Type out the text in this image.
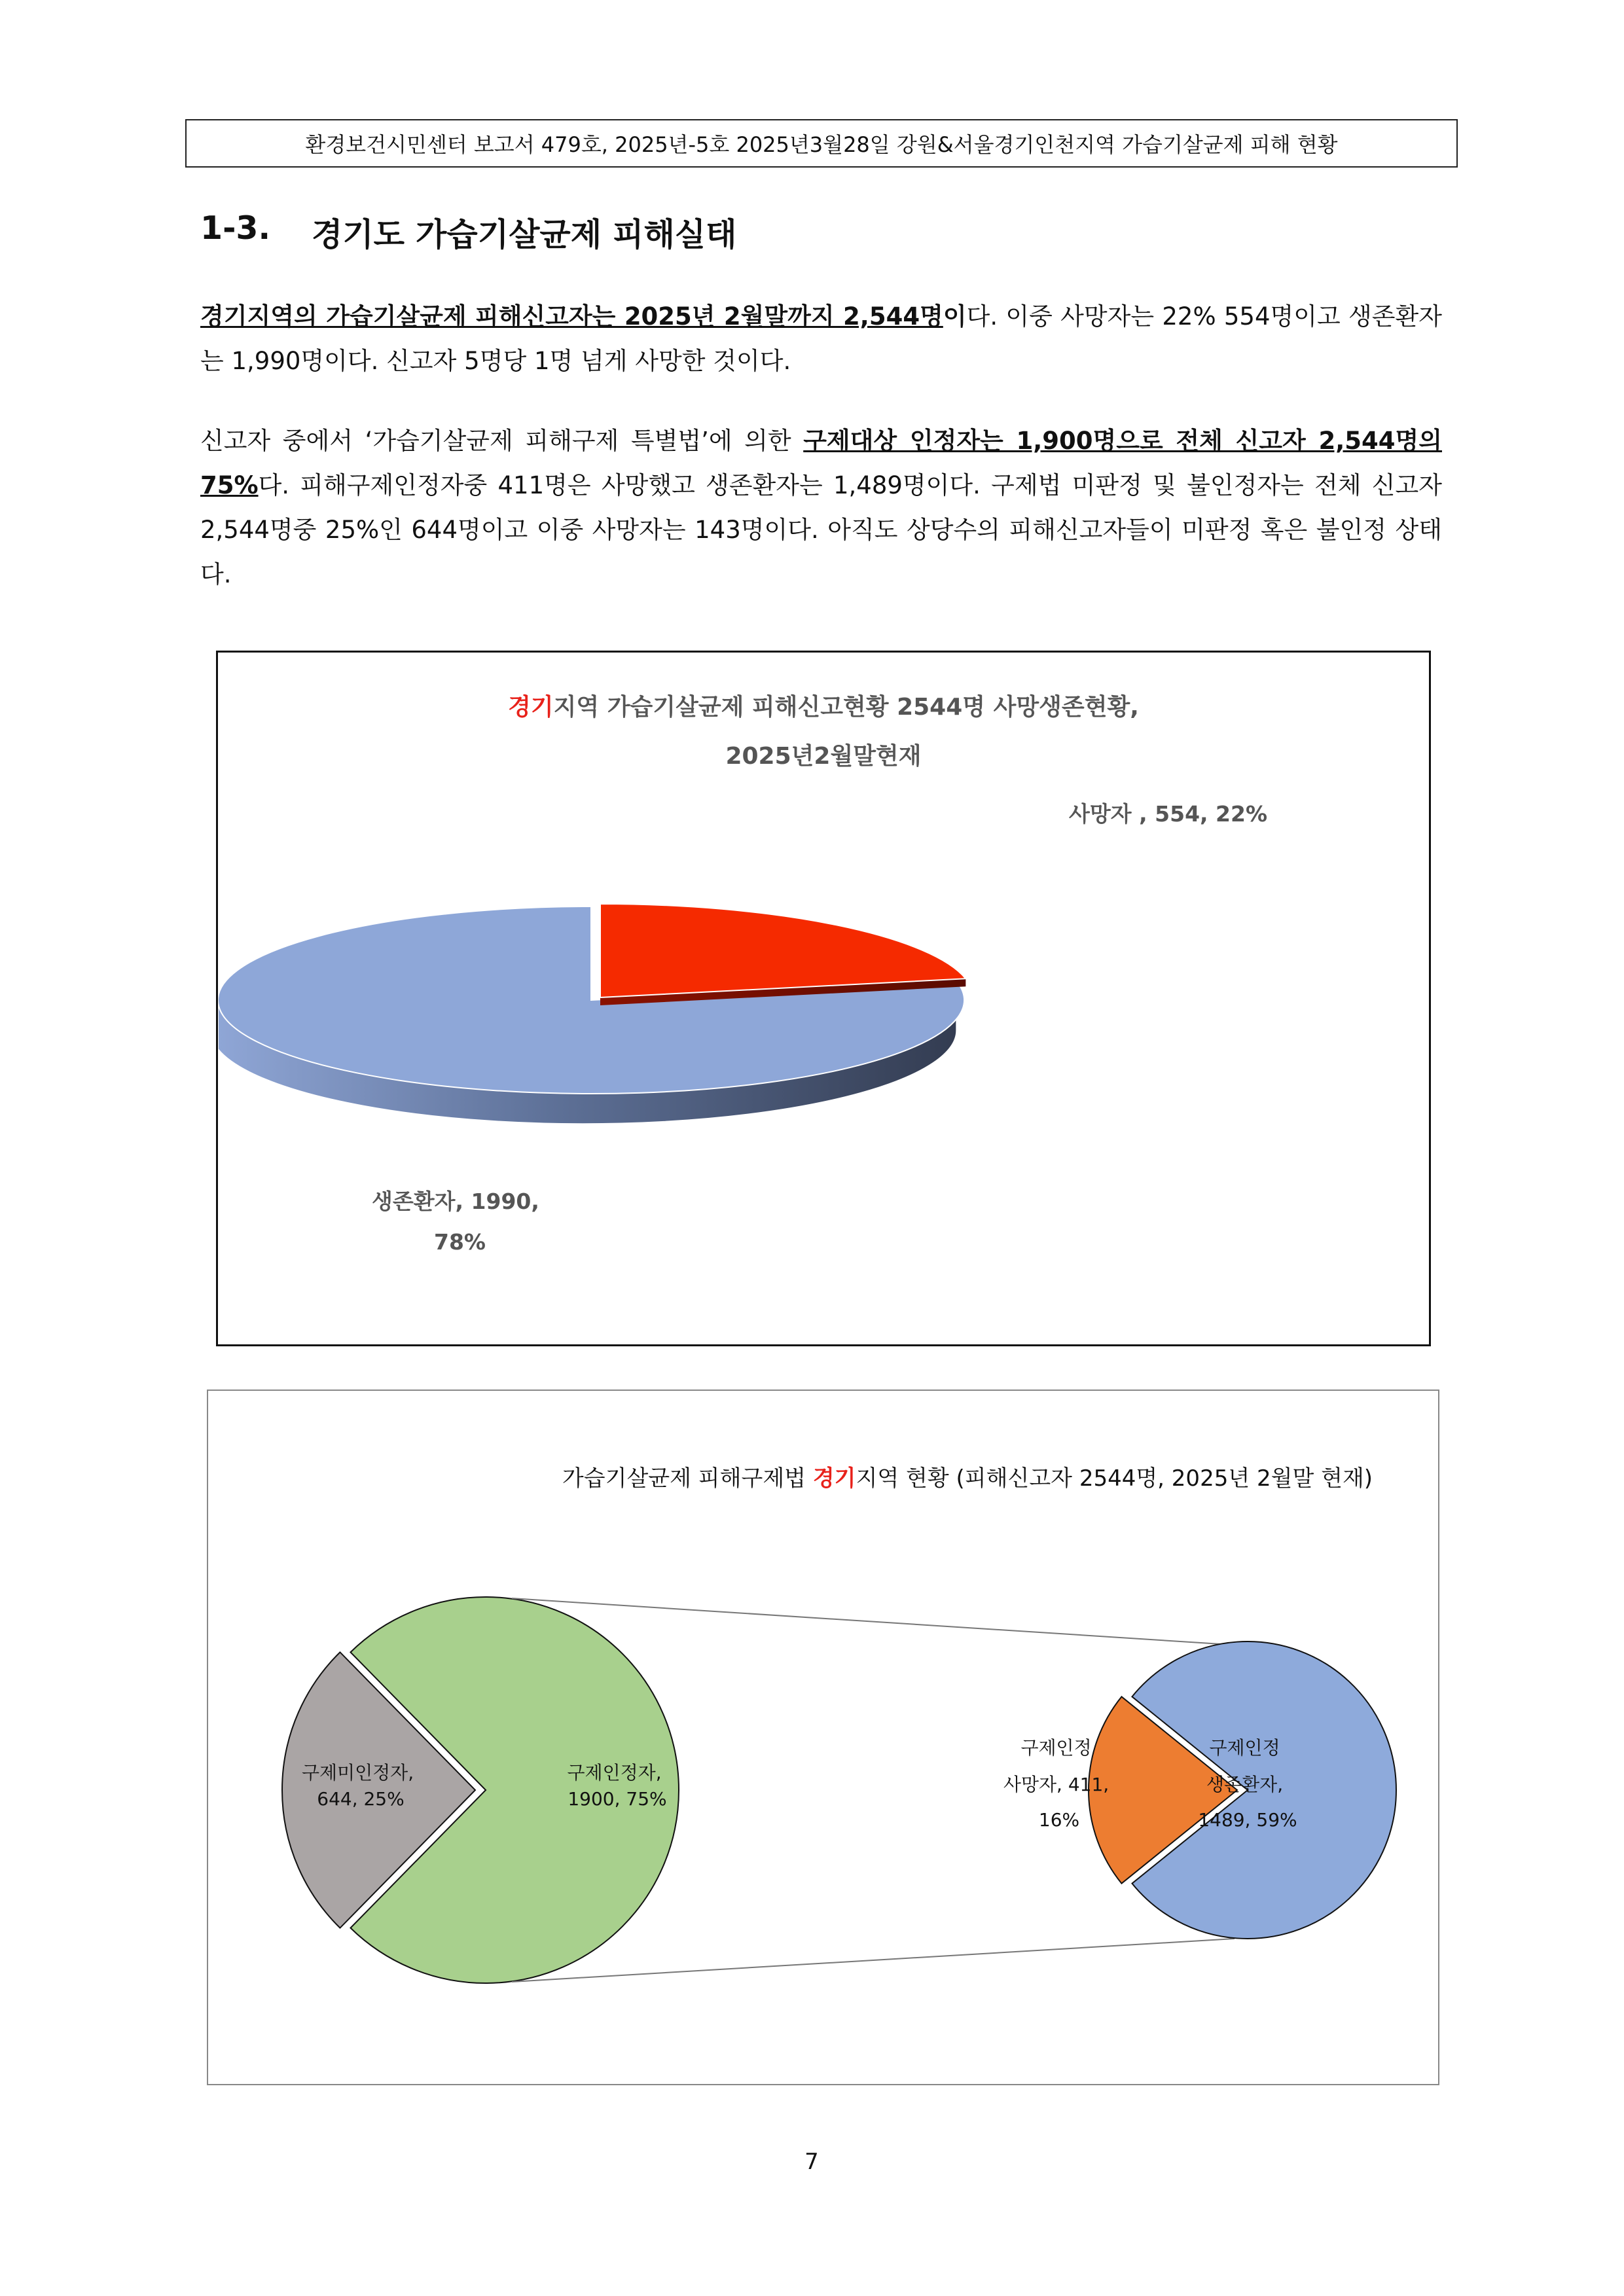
환경보건시민센터 보고서 479호, 2025년-5호 2025년3월28일 강원&서울경기인천지역 가습기살균제 피해 현황
1-3.	경기도 가습기살균제 피해실태

경기지역의 가습기살균제 피해신고자는 2025년 2월말까지 2,544명이다. 이중 사망자는 22% 554명이고 생존환자는 1,990명이다. 신고자 5명당 1명 넘게 사망한 것이다.

신고자 중에서 ‘가습기살균제 피해구제 특별법’에 의한 구제대상 인정자는 1,900명으로 전체 신고자 2,544명의 75%다. 피해구제인정자중 411명은 사망했고 생존환자는 1,489명이다. 구제법 미판정 및 불인정자는 전체 신고자 2,544명중 25%인 644명이고 이중 사망자는 143명이다. 아직도 상당수의 피해신고자들이 미판정 혹은 불인정 상태다.

경기지역 가습기살균제 피해신고현황 2544명 사망생존현황,
2025년2월말현재
사망자 , 554, 22%
생존환자, 1990,
78%
가습기살균제 피해구제법 경기지역 현황 (피해신고자 2544명, 2025년 2월말 현재)
구제미인정자, 644, 25%
구제인정자, 1900, 75%
구제인정 사망자, 411, 16%
구제인정 생존환자, 1489, 59%
7
